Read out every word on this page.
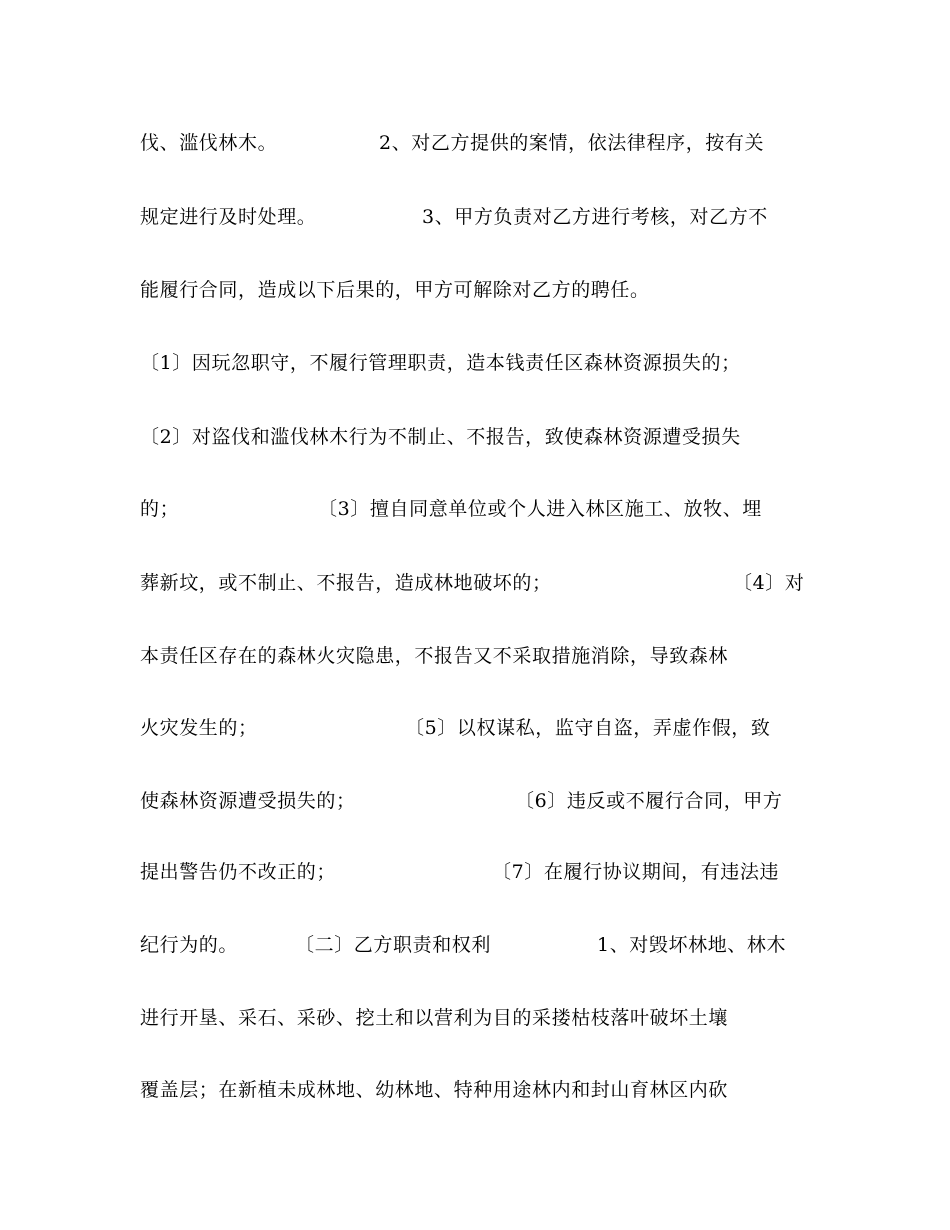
伐、滥伐林木。

	2、对乙方提供的案情，依法律程序，按有关

规定进行及时处理。

	3、甲方负责对乙方进行考核，对乙方不

能履行合同，造成以下后果的，甲方可解除对乙方的聘任。

〔1〕因玩忽职守，不履行管理职责，造本钱责任区森林资源损失的；

〔2〕对盗伐和滥伐林木行为不制止、不报告，致使森林资源遭受损失

的；

	〔3〕擅自同意单位或个人进入林区施工、放牧、埋

葬新坟，或不制止、不报告，造成林地破坏的；

	〔4〕对

本责任区存在的森林火灾隐患，不报告又不采取措施消除，导致森林

火灾发生的；

	〔5〕以权谋私，监守自盗，弄虚作假，致

使森林资源遭受损失的；

	〔6〕违反或不履行合同，甲方

提出警告仍不改正的；

	〔7〕在履行协议期间，有违法违

纪行为的。

	〔二〕乙方职责和权利

	1、对毁坏林地、林木

进行开垦、采石、采砂、挖土和以营利为目的采搂枯枝落叶破坏土壤

覆盖层；在新植未成林地、幼林地、特种用途林内和封山育林区内砍
